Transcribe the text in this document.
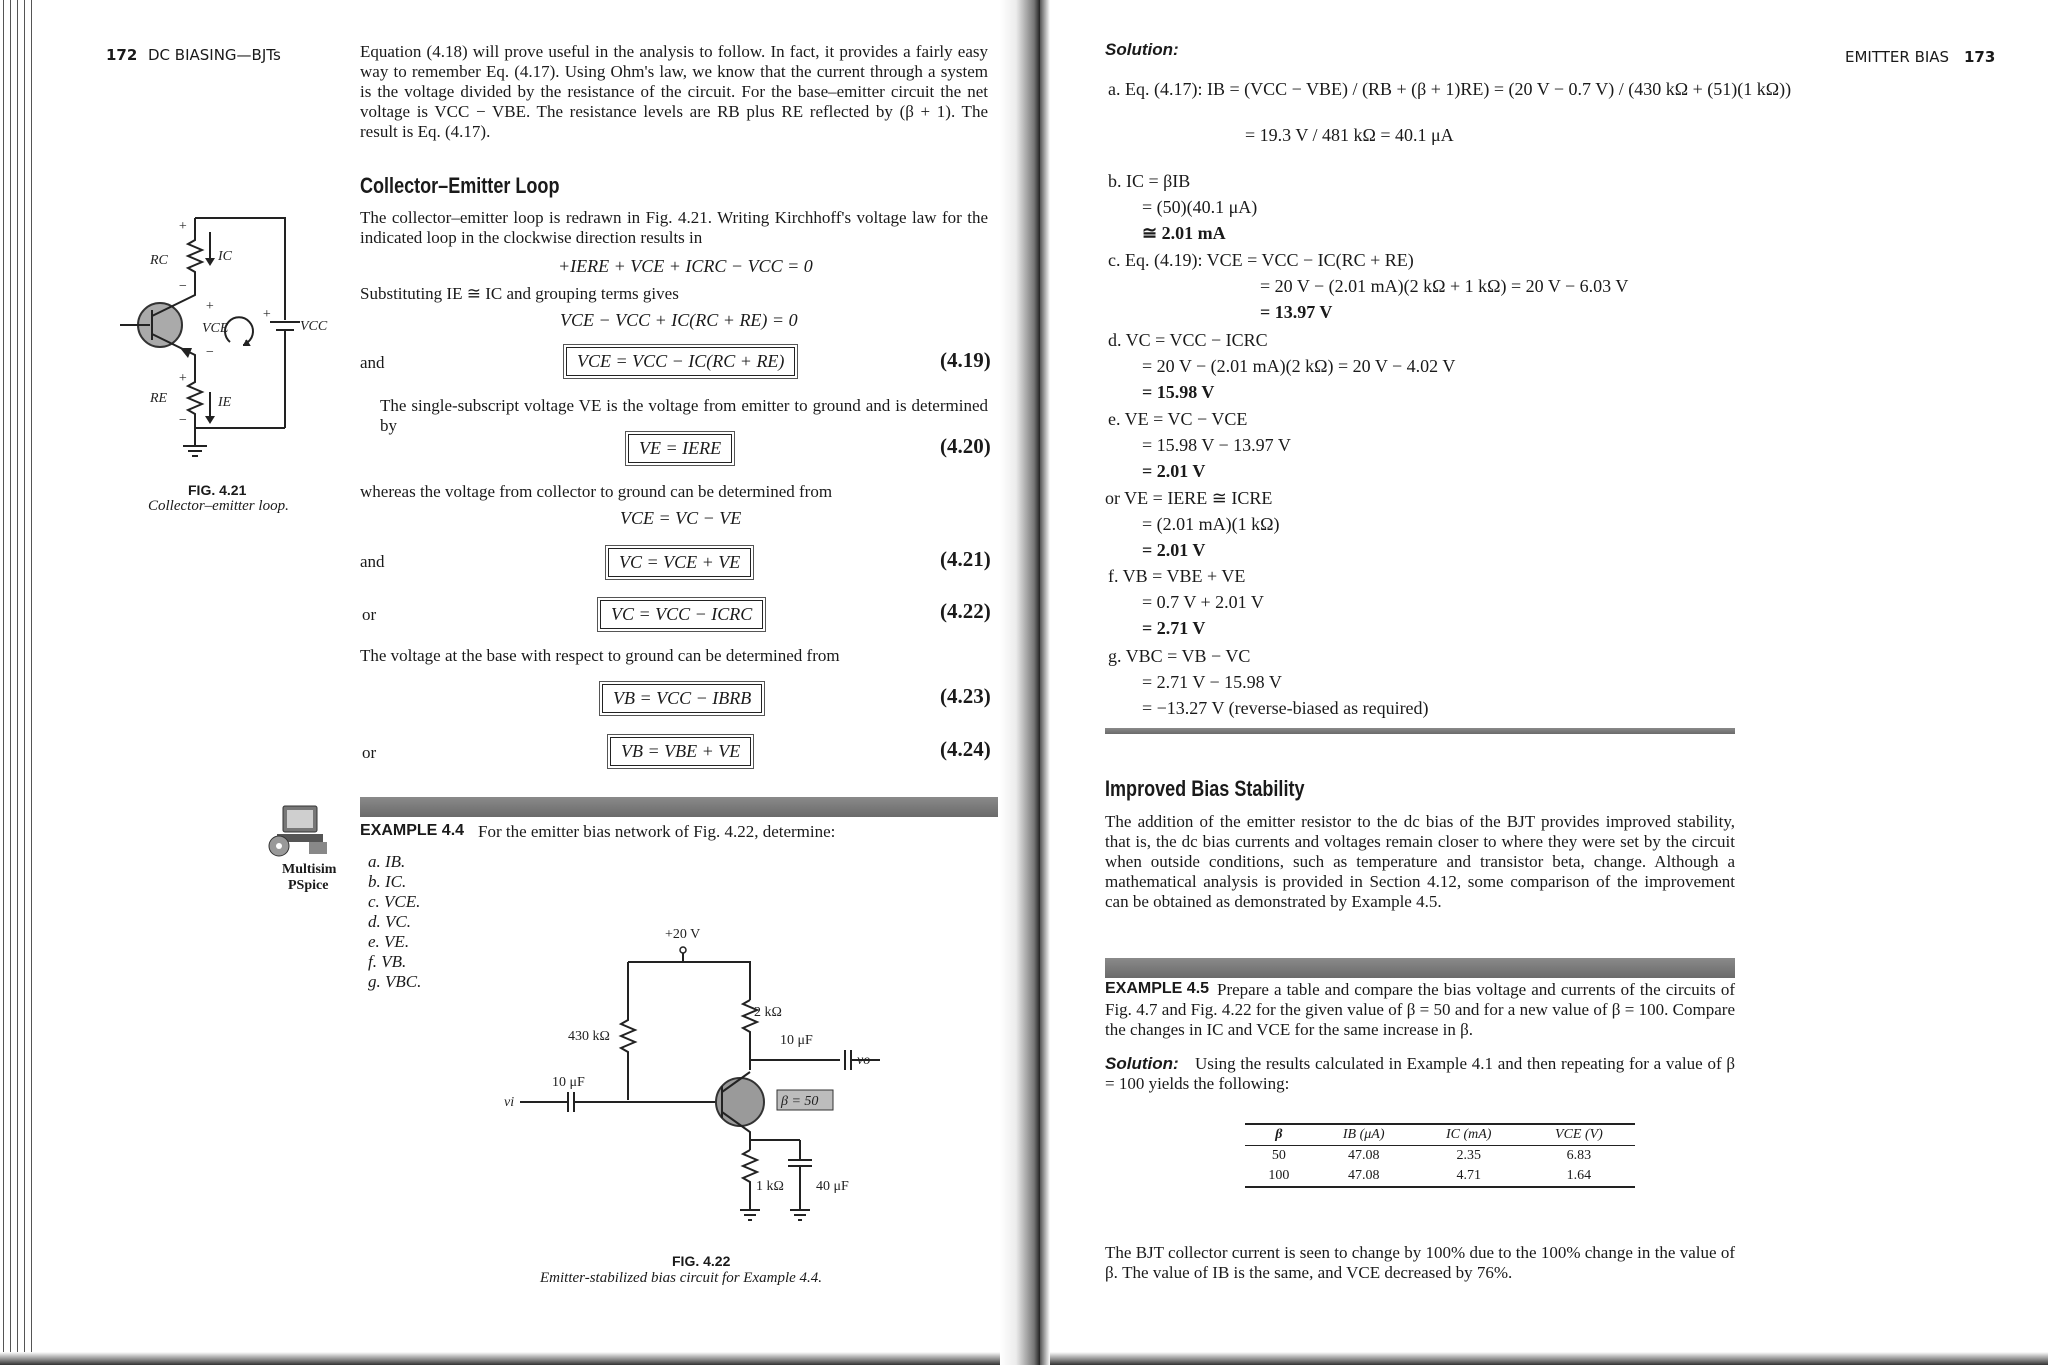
172 DC BIASING—BJTs	Equation (4.18) will prove useful in the analysis to follow. In fact, it provides a fairly easy way to remember Eq. (4.17). Using Ohm's law, we know that the current through a system is the voltage divided by the resistance of the circuit. For the base–emitter circuit the net voltage is VCC − VBE. The resistance levels are RB plus RE reflected by (β + 1). The result is Eq. (4.17).
Collector–Emitter Loop
The collector–emitter loop is redrawn in Fig. 4.21. Writing Kirchhoff's voltage law for the indicated loop in the clockwise direction results in
+IERE + VCE + ICRC − VCC = 0
Substituting IE ≅ IC and grouping terms gives
VCE − VCC + IC(RC + RE) = 0
and	VCE = VCC − IC(RC + RE)	(4.19)
The single-subscript voltage VE is the voltage from emitter to ground and is determined by
VE = IERE	(4.20)
whereas the voltage from collector to ground can be determined from
VCE = VC − VE
and	VC = VCE + VE	(4.21)
or	VC = VCC − ICRC	(4.22)
The voltage at the base with respect to ground can be determined from
VB = VCC − IBRB	(4.23)
or	VB = VBE + VE	(4.24)
RC	IC
+
−
+
VCE
−
VCC
+
RE	IE
+
−
FIG. 4.21
Collector–emitter loop.
Multisim
PSpice
EXAMPLE 4.4 For the emitter bias network of Fig. 4.22, determine:
a. IB.
b. IC.
c. VCE.
d. VC.
e. VE.
f. VB.
g. VBC.
+20 V
430 kΩ
2 kΩ
10 μF
vo
10 μF
vi	β = 50
1 kΩ 40 μF
FIG. 4.22
Emitter-stabilized bias circuit for Example 4.4.
EMITTER BIAS 173
Solution:
a. Eq. (4.17): IB = (VCC − VBE) / (RB + (β + 1)RE) = (20 V − 0.7 V) / (430 kΩ + (51)(1 kΩ))
= 19.3 V / 481 kΩ = 40.1 μA
b. IC = βIB
= (50)(40.1 μA)
≅ 2.01 mA
c. Eq. (4.19): VCE = VCC − IC(RC + RE)
= 20 V − (2.01 mA)(2 kΩ + 1 kΩ) = 20 V − 6.03 V
= 13.97 V
d. VC = VCC − ICRC
= 20 V − (2.01 mA)(2 kΩ) = 20 V − 4.02 V
= 15.98 V
e. VE = VC − VCE
= 15.98 V − 13.97 V
= 2.01 V
or VE = IERE ≅ ICRE
= (2.01 mA)(1 kΩ)
= 2.01 V
f. VB = VBE + VE
= 0.7 V + 2.01 V
= 2.71 V
g. VBC = VB − VC
= 2.71 V − 15.98 V
= −13.27 V (reverse-biased as required)
Improved Bias Stability
The addition of the emitter resistor to the dc bias of the BJT provides improved stability, that is, the dc bias currents and voltages remain closer to where they were set by the circuit when outside conditions, such as temperature and transistor beta, change. Although a mathematical analysis is provided in Section 4.12, some comparison of the improvement can be obtained as demonstrated by Example 4.5.
EXAMPLE 4.5 Prepare a table and compare the bias voltage and currents of the circuits of Fig. 4.7 and Fig. 4.22 for the given value of β = 50 and for a new value of β = 100. Compare the changes in IC and VCE for the same increase in β.
Solution: Using the results calculated in Example 4.1 and then repeating for a value of β = 100 yields the following:
β	IB (μA)	IC (mA)	VCE (V)
50	47.08	2.35	6.83
100	47.08	4.71	1.64
The BJT collector current is seen to change by 100% due to the 100% change in the value of β. The value of IB is the same, and VCE decreased by 76%.
